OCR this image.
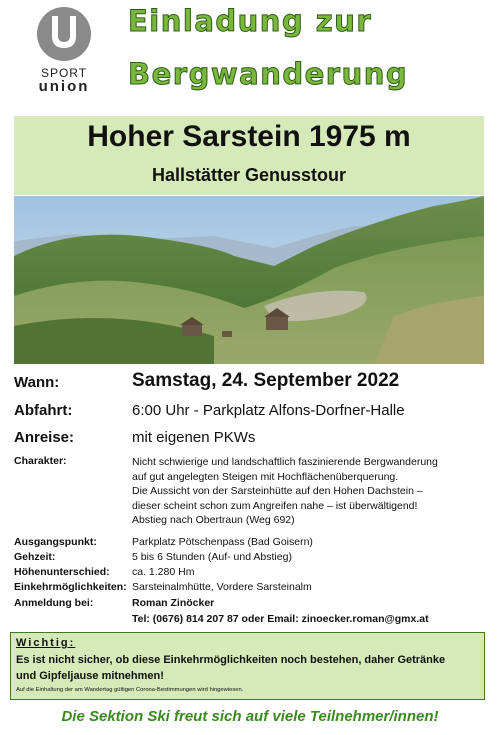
SPORT
union
Einladung zur
Bergwanderung
Hoher Sarstein 1975 m
Hallstätter Genusstour
Wann:	Samstag, 24. September 2022
Abfahrt:	6:00 Uhr - Parkplatz Alfons-Dorfner-Halle
Anreise:	mit eigenen PKWs
Charakter:	Nicht schwierige und landschaftlich faszinierende Bergwanderung
auf gut angelegten Steigen mit Hochflächenüberquerung.
Die Aussicht von der Sarsteinhütte auf den Hohen Dachstein –
dieser scheint schon zum Angreifen nahe – ist überwältigend!
Abstieg nach Obertraun (Weg 692)
Ausgangspunkt:	Parkplatz Pötschenpass (Bad Goisern)
Gehzeit:	5 bis 6 Stunden (Auf- und Abstieg)
Höhenunterschied: ca. 1.280 Hm
Einkehrmöglichkeiten: Sarsteinalmhütte, Vordere Sarsteinalm
Anmeldung bei:	Roman Zinöcker
Tel: (0676) 814 207 87 oder Email: zinoecker.roman@gmx.at
Wichtig:
Es ist nicht sicher, ob diese Einkehrmöglichkeiten noch bestehen, daher Getränke
und Gipfeljause mitnehmen!
Auf die Einhaltung der am Wandertag gültigen Corona-Bestimmungen wird hingewiesen.
Die Sektion Ski freut sich auf viele Teilnehmer/innen!
